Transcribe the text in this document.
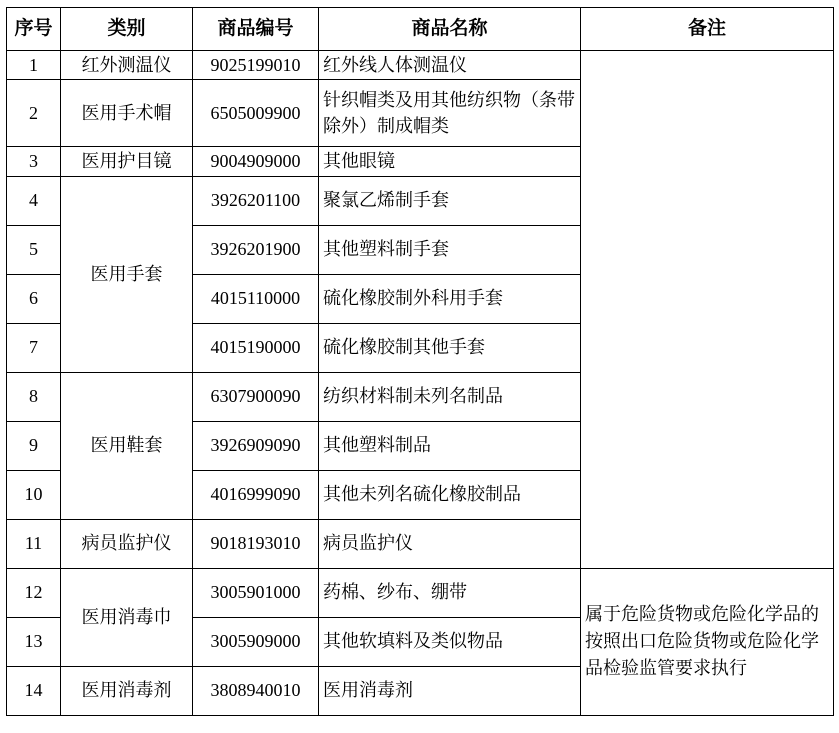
序号	类别	商品编号	商品名称	备注
1	红外测温仪	9025199010	红外线人体测温仪	
2	医用手术帽	6505009900	针织帽类及用其他纺织物（条带除外）制成帽类	
3	医用护目镜	9004909000	其他眼镜	
4	医用手套	3926201100	聚氯乙烯制手套	
5		3926201900	其他塑料制手套	
6		4015110000	硫化橡胶制外科用手套	
7		4015190000	硫化橡胶制其他手套	
8	医用鞋套	6307900090	纺织材料制未列名制品	
9		3926909090	其他塑料制品	
10		4016999090	其他未列名硫化橡胶制品	
11	病员监护仪	9018193010	病员监护仪	
12	医用消毒巾	3005901000	药棉、纱布、绷带	属于危险货物或危险化学品的按照出口危险货物或危险化学品检验监管要求执行
13		3005909000	其他软填料及类似物品	
14	医用消毒剂	3808940010	医用消毒剂	
